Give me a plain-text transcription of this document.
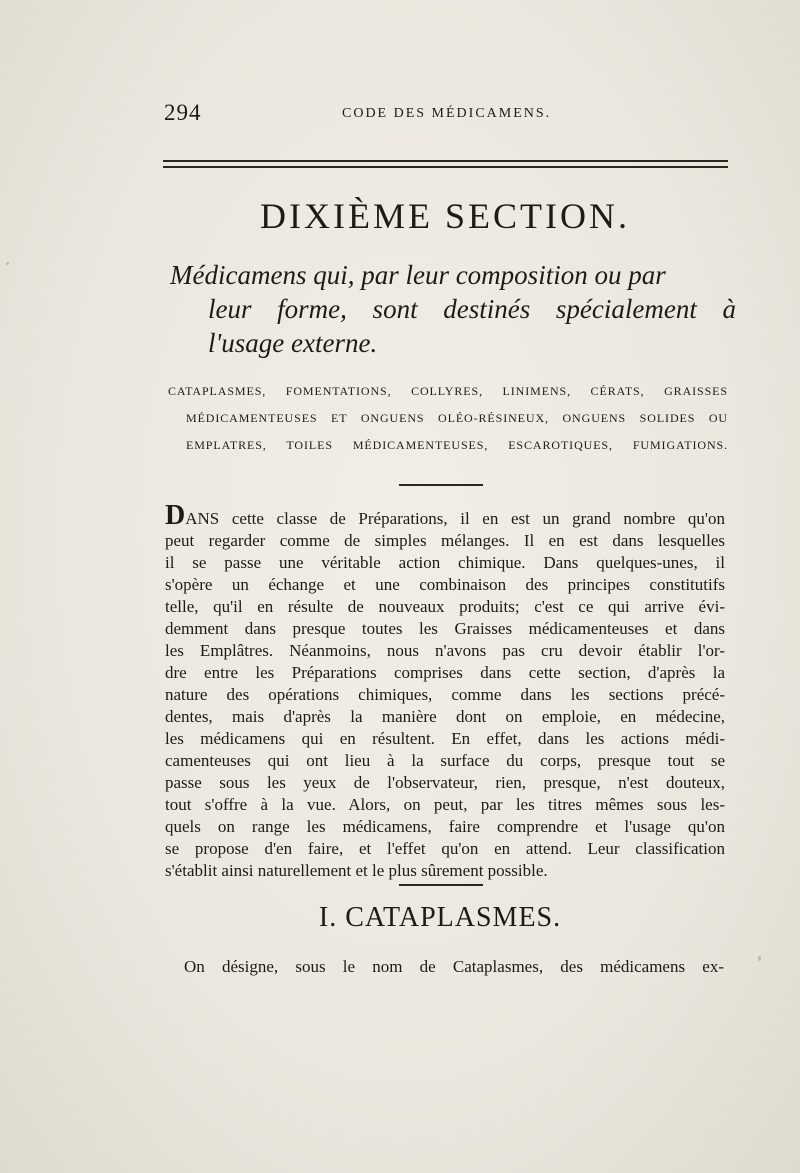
294	CODE DES MÉDICAMENS.
DIXIÈME SECTION.
Médicamens qui, par leur composition ou par
leur forme, sont destinés spécialement à
l'usage externe.
CATAPLASMES, FOMENTATIONS, COLLYRES, LINIMENS, CÉRATS, GRAISSES
MÉDICAMENTEUSES ET ONGUENS OLÉO-RÉSINEUX, ONGUENS SOLIDES OU
EMPLATRES, TOILES MÉDICAMENTEUSES, ESCAROTIQUES, FUMIGATIONS.
DANS cette classe de Préparations, il en est un grand nombre qu'on
peut regarder comme de simples mélanges. Il en est dans lesquelles
il se passe une véritable action chimique. Dans quelques-unes, il
s'opère un échange et une combinaison des principes constitutifs
telle, qu'il en résulte de nouveaux produits; c'est ce qui arrive évi-
demment dans presque toutes les Graisses médicamenteuses et dans
les Emplâtres. Néanmoins, nous n'avons pas cru devoir établir l'or-
dre entre les Préparations comprises dans cette section, d'après la
nature des opérations chimiques, comme dans les sections précé-
dentes, mais d'après la manière dont on emploie, en médecine,
les médicamens qui en résultent. En effet, dans les actions médi-
camenteuses qui ont lieu à la surface du corps, presque tout se
passe sous les yeux de l'observateur, rien, presque, n'est douteux,
tout s'offre à la vue. Alors, on peut, par les titres mêmes sous les-
quels on range les médicamens, faire comprendre et l'usage qu'on
se propose d'en faire, et l'effet qu'on en attend. Leur classification
s'établit ainsi naturellement et le plus sûrement possible.
I. CATAPLASMES.
On désigne, sous le nom de Cataplasmes, des médicamens ex-
